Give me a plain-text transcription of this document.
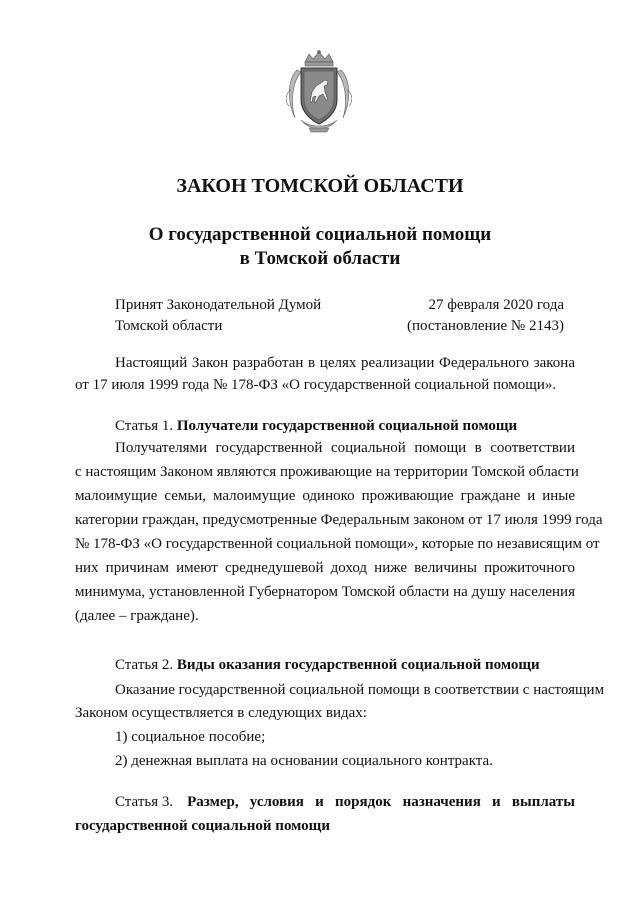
ЗАКОН ТОМСКОЙ ОБЛАСТИ
О государственной социальной помощи
в Томской области
Принят Законодательной Думой
Томской области
27 февраля 2020 года
(постановление № 2143)
Настоящий Закон разработан в целях реализации Федерального закона
от 17 июля 1999 года № 178-ФЗ «О государственной социальной помощи».
Статья 1. Получатели государственной социальной помощи
Получателями государственной социальной помощи в соответствии
с настоящим Законом являются проживающие на территории Томской области
малоимущие семьи, малоимущие одиноко проживающие граждане и иные
категории граждан, предусмотренные Федеральным законом от 17 июля 1999 года
№ 178-ФЗ «О государственной социальной помощи», которые по независящим от
них причинам имеют среднедушевой доход ниже величины прожиточного
минимума, установленной Губернатором Томской области на душу населения
(далее – граждане).
Статья 2. Виды оказания государственной социальной помощи
Оказание государственной социальной помощи в соответствии с настоящим
Законом осуществляется в следующих видах:
1) социальное пособие;
2) денежная выплата на основании социального контракта.
Статья 3. Размер, условия и порядок назначения и выплаты
государственной социальной помощи
